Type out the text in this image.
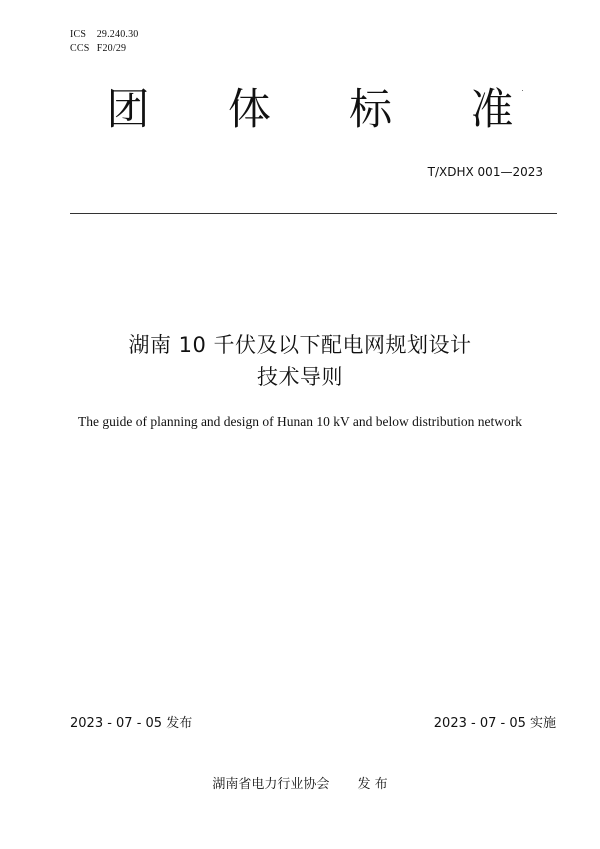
ICS 29.240.30
CCS F20/29
团 体 标 准
T/XDHX 001—2023
湖南 10 千伏及以下配电网规划设计
技术导则
The guide of planning and design of Hunan 10 kV and below distribution network
2023 - 07 - 05 发布	2023 - 07 - 05 实施
湖南省电力行业协会 发 布
